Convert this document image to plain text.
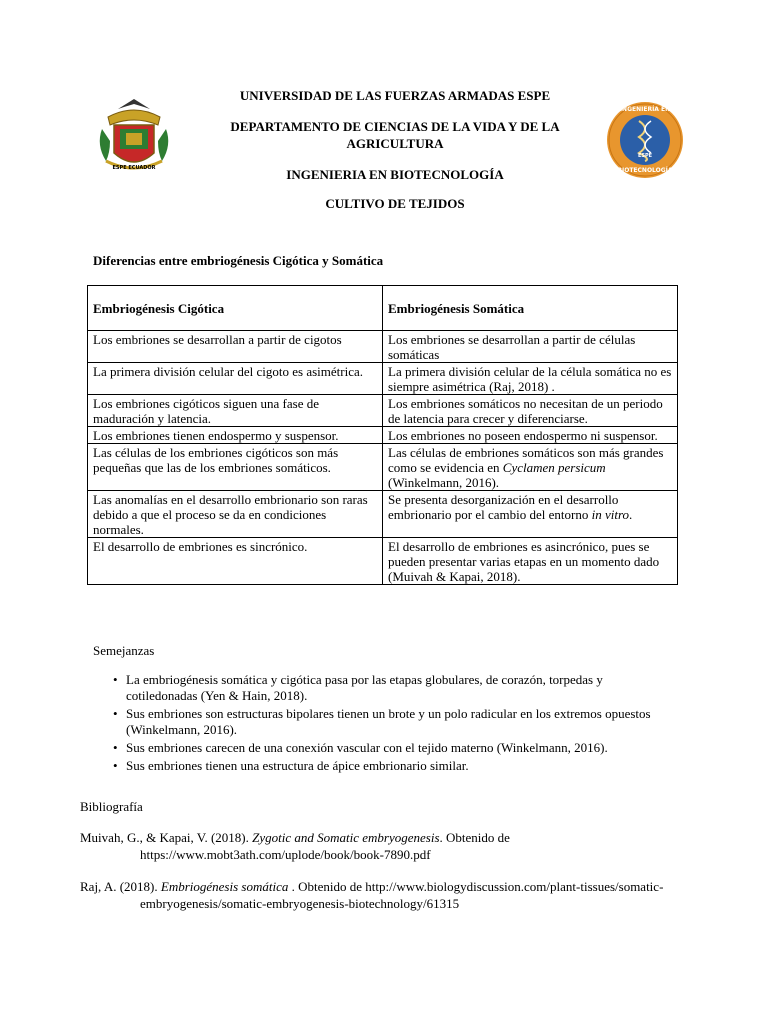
ESPE ECUADOR
INGENIERÍA EN
ESPE
BIOTECNOLOGÍA
UNIVERSIDAD DE LAS FUERZAS ARMADAS ESPE
DEPARTAMENTO DE CIENCIAS DE LA VIDA Y DE LA AGRICULTURA
INGENIERIA EN BIOTECNOLOGÍA
CULTIVO DE TEJIDOS
Diferencias entre embriogénesis Cigótica y Somática
Embriogénesis Cigótica	Embriogénesis Somática
Los embriones se desarrollan a partir de cigotos	Los embriones se desarrollan a partir de células somáticas
La primera división celular del cigoto es asimétrica.	La primera división celular de la célula somática no es siempre asimétrica (Raj, 2018) .
Los embriones cigóticos siguen una fase de maduración y latencia.	Los embriones somáticos no necesitan de un periodo de latencia para crecer y diferenciarse.
Los embriones tienen endospermo y suspensor.	Los embriones no poseen endospermo ni suspensor.
Las células de los embriones cigóticos son más pequeñas que las de los embriones somáticos.	Las células de embriones somáticos son más grandes como se evidencia en Cyclamen persicum (Winkelmann, 2016).
Las anomalías en el desarrollo embrionario son raras debido a que el proceso se da en condiciones normales.	Se presenta desorganización en el desarrollo embrionario por el cambio del entorno in vitro.
El desarrollo de embriones es sincrónico.	El desarrollo de embriones es asincrónico, pues se pueden presentar varias etapas en un momento dado (Muivah & Kapai, 2018).
Semejanzas
• La embriogénesis somática y cigótica pasa por las etapas globulares, de corazón, torpedas y cotiledonadas (Yen & Hain, 2018).
• Sus embriones son estructuras bipolares tienen un brote y un polo radicular en los extremos opuestos (Winkelmann, 2016).
• Sus embriones carecen de una conexión vascular con el tejido materno (Winkelmann, 2016).
• Sus embriones tienen una estructura de ápice embrionario similar.
Bibliografía
Muivah, G., & Kapai, V. (2018). Zygotic and Somatic embryogenesis. Obtenido de https://www.mobt3ath.com/uplode/book/book-7890.pdf
Raj, A. (2018). Embriogénesis somática . Obtenido de http://www.biologydiscussion.com/plant-tissues/somatic-embryogenesis/somatic-embryogenesis-biotechnology/61315
